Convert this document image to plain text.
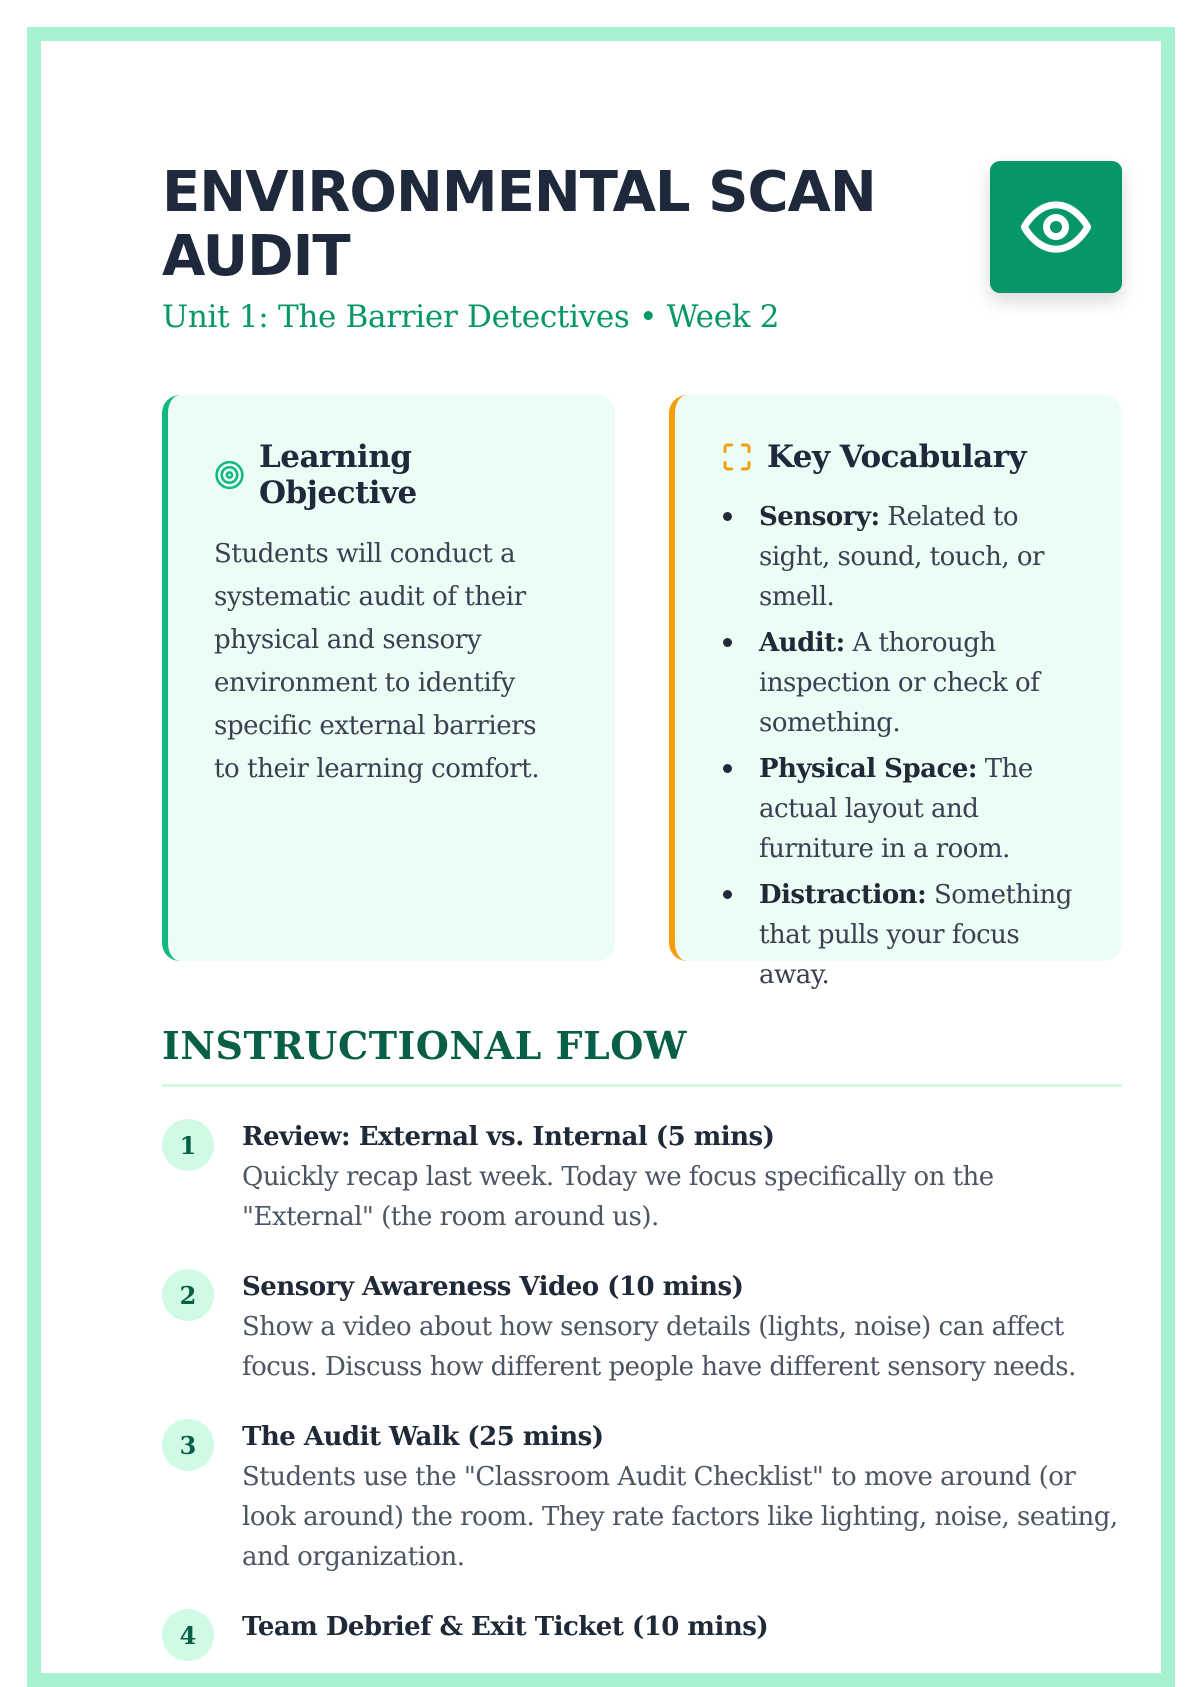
ENVIRONMENTAL SCAN AUDIT
Unit 1: The Barrier Detectives • Week 2
Learning Objective

Students will conduct a systematic audit of their physical and sensory environment to identify specific external barriers to their learning comfort.

Key Vocabulary
Sensory: Related to sight, sound, touch, or smell.
Audit: A thorough inspection or check of something.
Physical Space: The actual layout and furniture in a room.
Distraction: Something that pulls your focus away.
INSTRUCTIONAL FLOW
1	Review: External vs. Internal (5 mins)
Quickly recap last week. Today we focus specifically on the "External" (the room around us).
2	Sensory Awareness Video (10 mins)
Show a video about how sensory details (lights, noise) can affect focus. Discuss how different people have different sensory needs.
3	The Audit Walk (25 mins)
Students use the "Classroom Audit Checklist" to move around (or look around) the room. They rate factors like lighting, noise, seating, and organization.
4	Team Debrief & Exit Ticket (10 mins)
